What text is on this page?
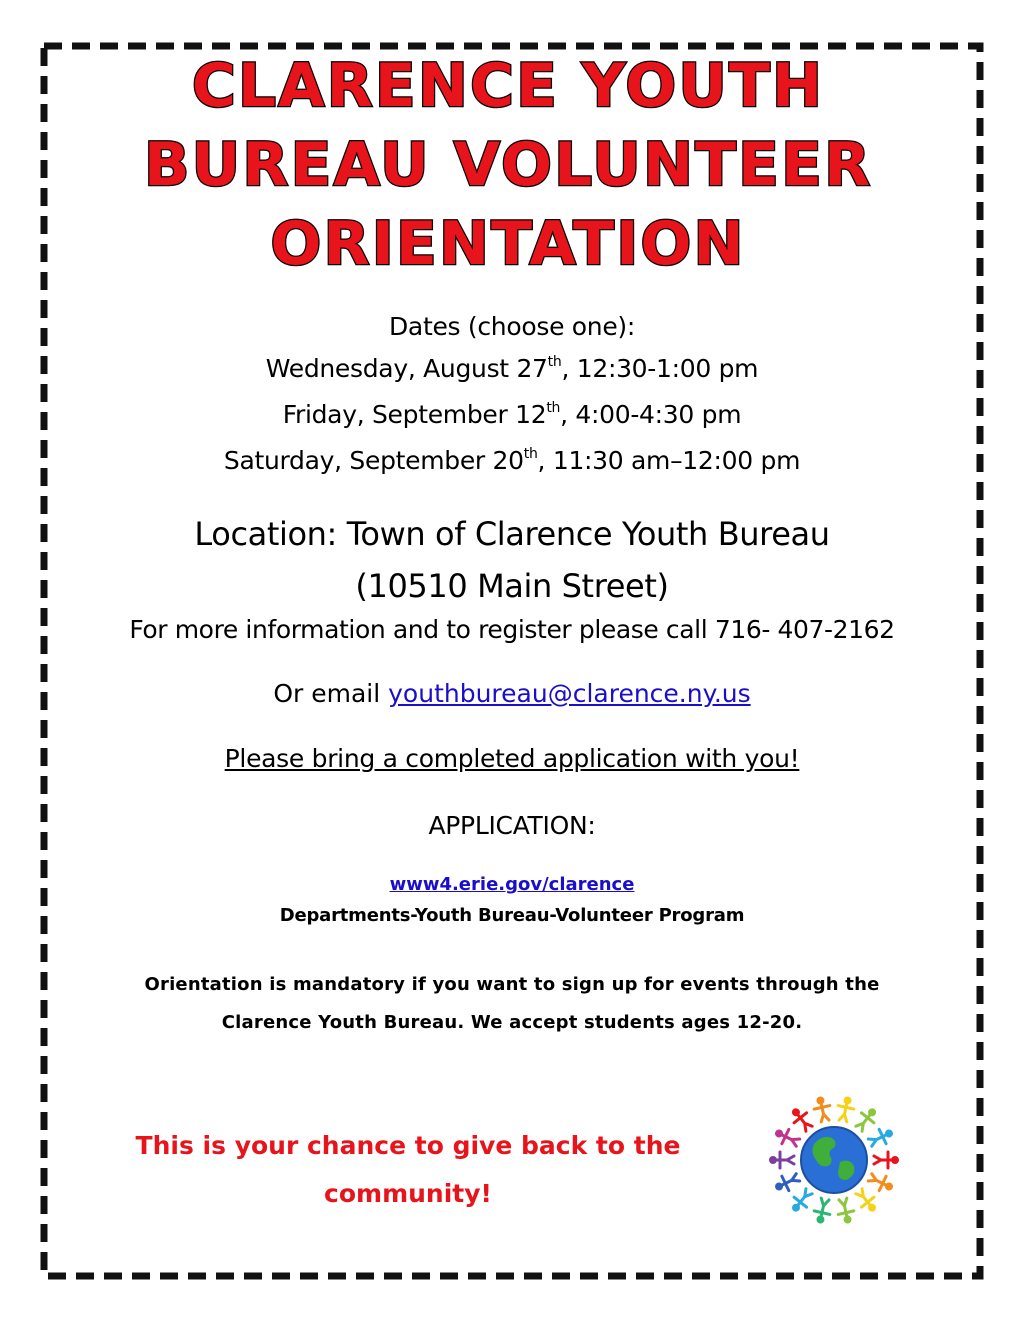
CLARENCE YOUTH
BUREAU VOLUNTEER
ORIENTATION
Dates (choose one):
Wednesday, August 27th, 12:30-1:00 pm
Friday, September 12th, 4:00-4:30 pm
Saturday, September 20th, 11:30 am–12:00 pm
Location: Town of Clarence Youth Bureau
(10510 Main Street)
For more information and to register please call 716- 407-2162
Or email youthbureau@clarence.ny.us
Please bring a completed application with you!
APPLICATION:
www4.erie.gov/clarence
Departments-Youth Bureau-Volunteer Program
Orientation is mandatory if you want to sign up for events through the
Clarence Youth Bureau. We accept students ages 12-20.
This is your chance to give back to the
community!
